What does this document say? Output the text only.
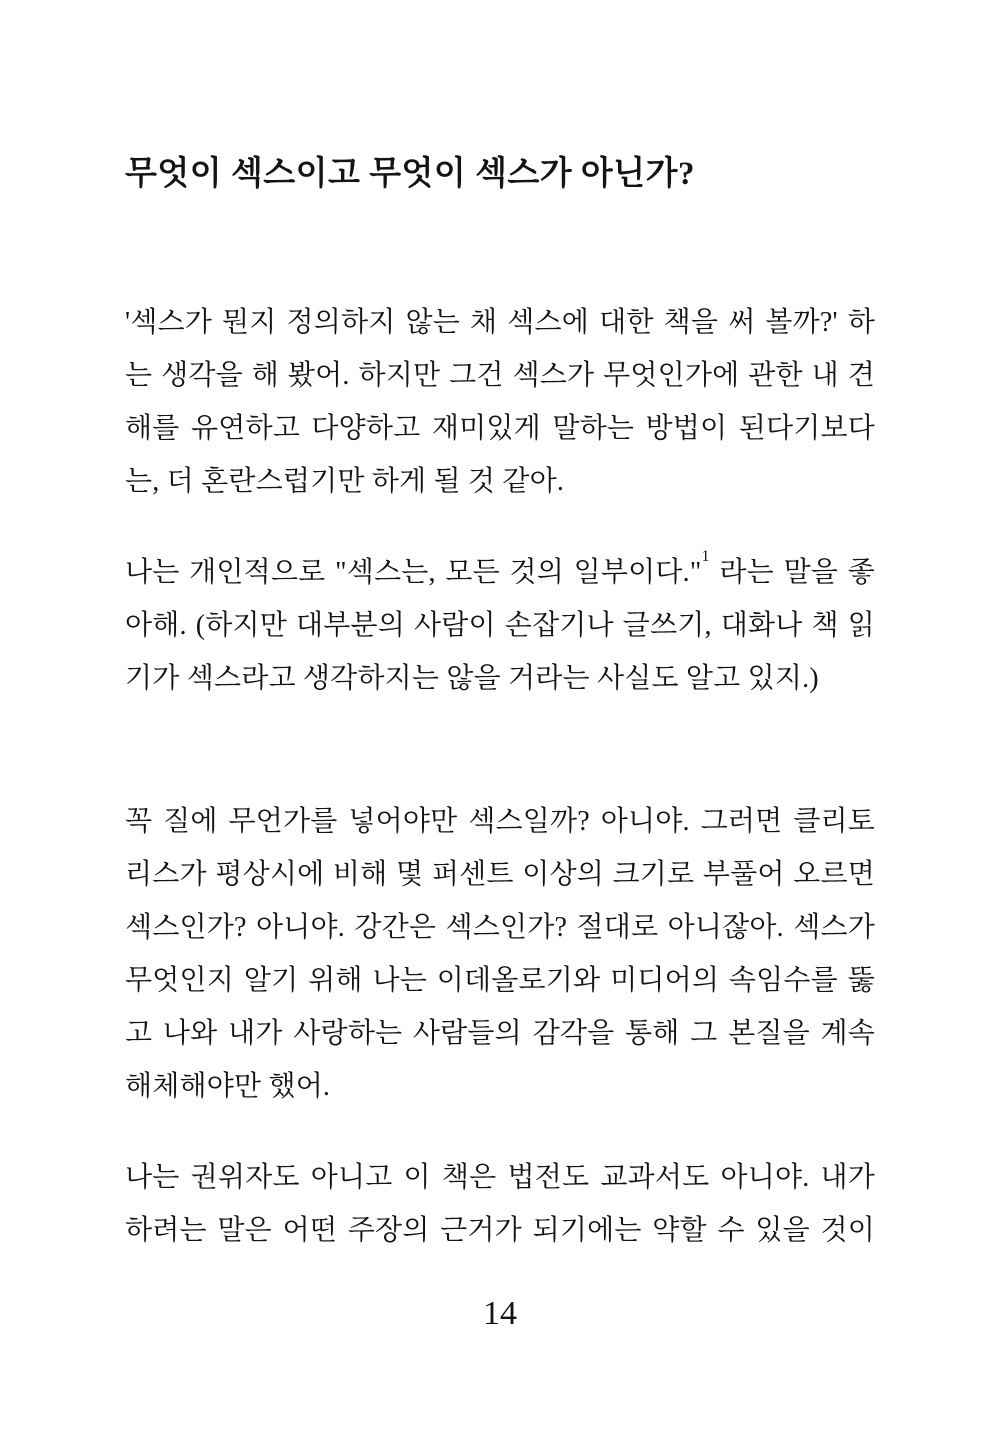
무엇이 섹스이고 무엇이 섹스가 아닌가?
'섹스가 뭔지 정의하지 않는 채 섹스에 대한 책을 써 볼까?' 하
는 생각을 해 봤어. 하지만 그건 섹스가 무엇인가에 관한 내 견
해를 유연하고 다양하고 재미있게 말하는 방법이 된다기보다
는, 더 혼란스럽기만 하게 될 것 같아.
나는 개인적으로 "섹스는, 모든 것의 일부이다."$^1$ 라는 말을 좋
아해. (하지만 대부분의 사람이 손잡기나 글쓰기, 대화나 책 읽
기가 섹스라고 생각하지는 않을 거라는 사실도 알고 있지.)
꼭 질에 무언가를 넣어야만 섹스일까? 아니야. 그러면 클리토
리스가 평상시에 비해 몇 퍼센트 이상의 크기로 부풀어 오르면
섹스인가? 아니야. 강간은 섹스인가? 절대로 아니잖아. 섹스가
무엇인지 알기 위해 나는 이데올로기와 미디어의 속임수를 뚫
고 나와 내가 사랑하는 사람들의 감각을 통해 그 본질을 계속
해체해야만 했어.
나는 권위자도 아니고 이 책은 법전도 교과서도 아니야. 내가
하려는 말은 어떤 주장의 근거가 되기에는 약할 수 있을 것이
14
